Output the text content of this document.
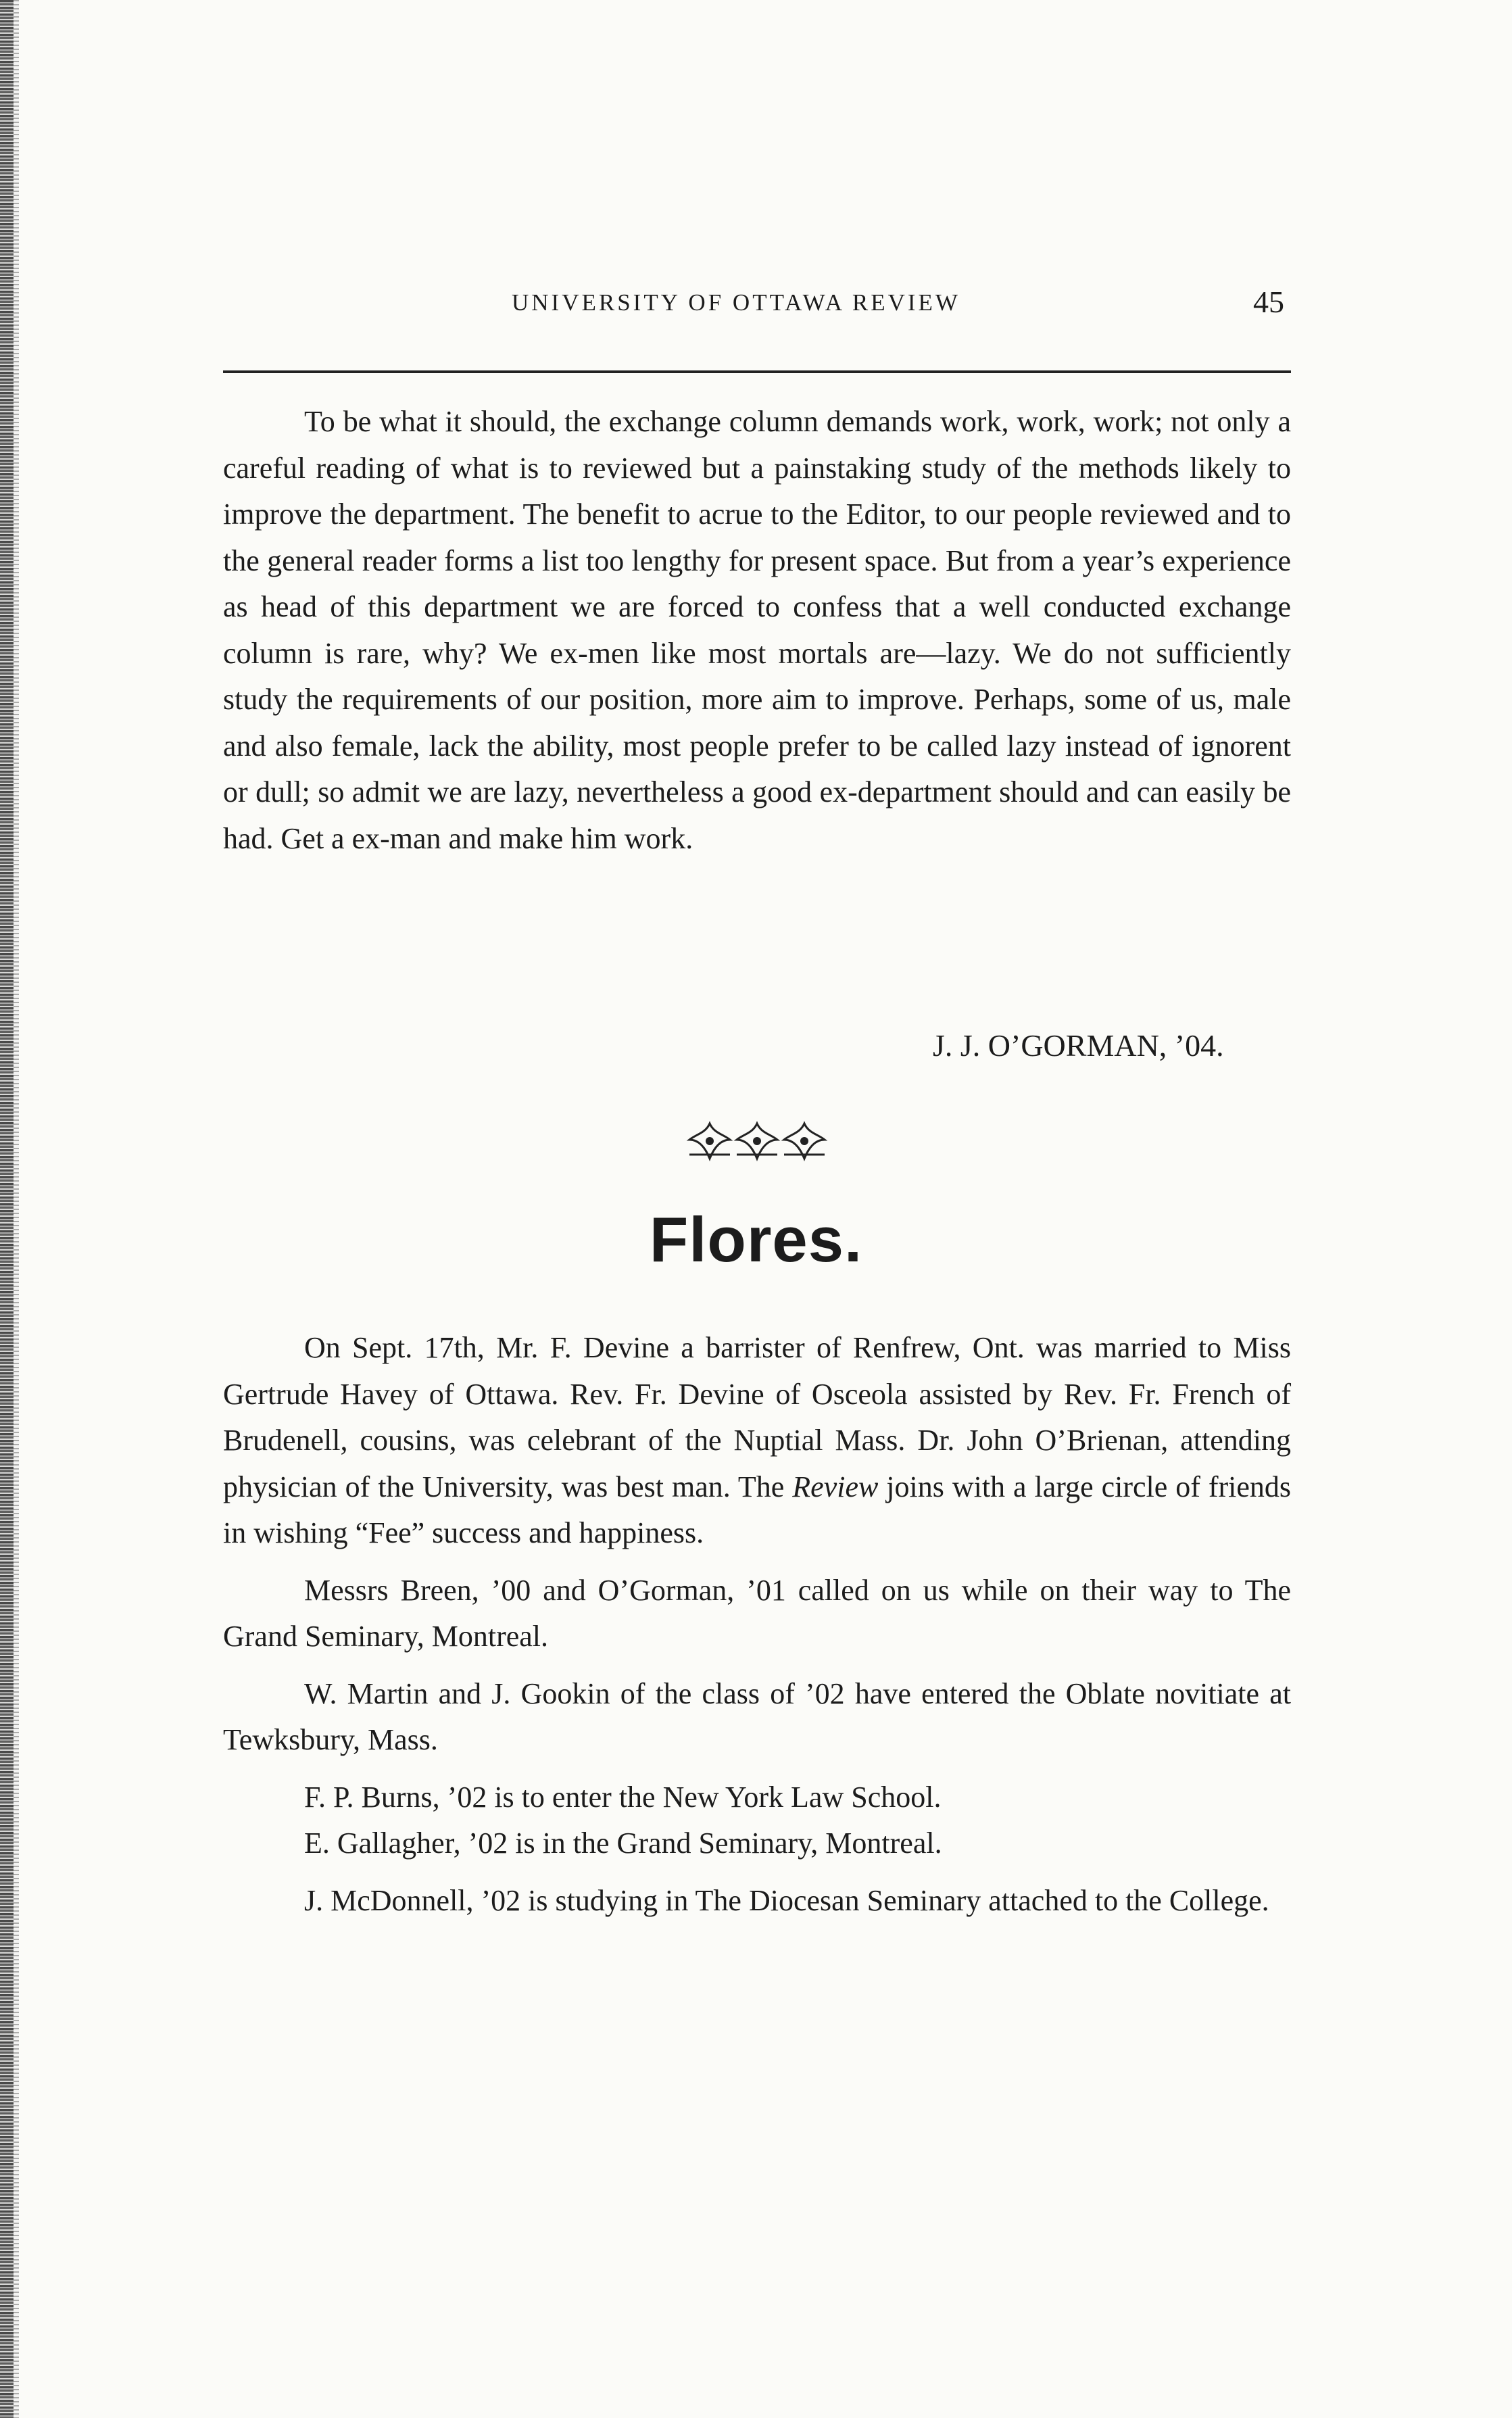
UNIVERSITY OF OTTAWA REVIEW	45

To be what it should, the exchange column demands work, work, work; not only a careful reading of what is to reviewed but a painstaking study of the methods likely to improve the department. The benefit to acrue to the Editor, to our people reviewed and to the general reader forms a list too lengthy for present space. But from a year’s experience as head of this department we are forced to confess that a well conducted exchange column is rare, why? We ex-men like most mortals are—lazy. We do not sufficiently study the requirements of our position, more aim to improve. Perhaps, some of us, male and also female, lack the ability, most people prefer to be called lazy instead of ignorent or dull; so admit we are lazy, nevertheless a good ex-department should and can easily be had. Get a ex-man and make him work.

J. J. O’GORMAN, ’04.
Flores.

On Sept. 17th, Mr. F. Devine a barrister of Renfrew, Ont. was married to Miss Gertrude Havey of Ottawa. Rev. Fr. Devine of Osceola assisted by Rev. Fr. French of Brudenell, cousins, was celebrant of the Nuptial Mass. Dr. John O’Brienan, attending physician of the University, was best man. The Review joins with a large circle of friends in wishing “Fee” success and happiness.

Messrs Breen, ’00 and O’Gorman, ’01 called on us while on their way to The Grand Seminary, Montreal.

W. Martin and J. Gookin of the class of ’02 have entered the Oblate novitiate at Tewksbury, Mass.

F. P. Burns, ’02 is to enter the New York Law School.

E. Gallagher, ’02 is in the Grand Seminary, Montreal.

J. McDonnell, ’02 is studying in The Diocesan Seminary attached to the College.
